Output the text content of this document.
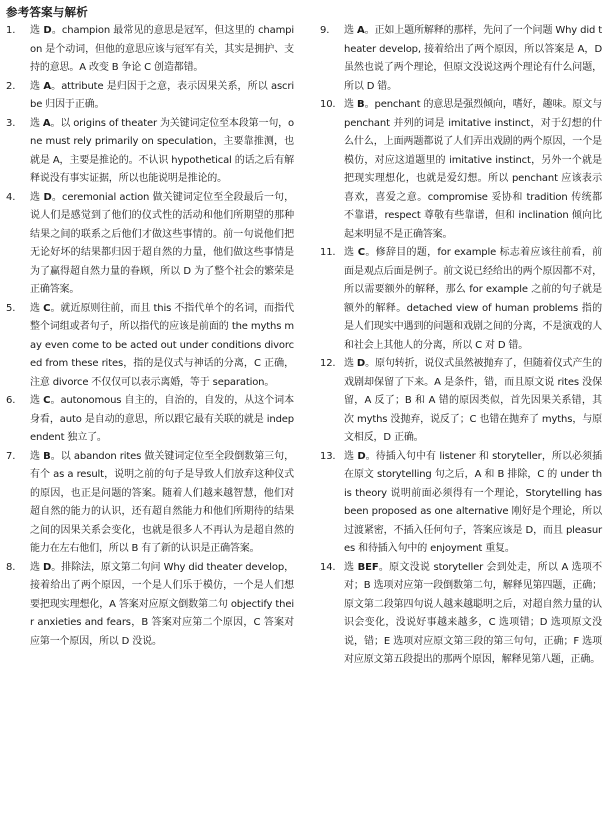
参考答案与解析
1.	选 D。champion 最常见的意思是冠军，但这里的 champion 是个动词，但他的意思应该与冠军有关，其实是拥护、支持的意思。A 改变 B 争论 C 创造都错。
2.	选 A。attribute 是归因于之意，表示因果关系，所以 ascribe 归因于正确。
3.	选 A。以 origins of theater 为关键词定位至本段第一句，one must rely primarily on speculation，主要靠推测，也就是 A，主要是推论的。不认识 hypothetical 的话之后有解释说没有事实证据，所以也能说明是推论的。
4.	选 D。ceremonial action 做关键词定位至全段最后一句，说人们是感觉到了他们的仪式性的活动和他们所期望的那种结果之间的联系之后他们才做这些事情的。前一句说他们把无论好坏的结果都归因于超自然的力量，他们做这些事情是为了赢得超自然力量的眷顾，所以 D 为了整个社会的繁荣是正确答案。
5.	选 C。就近原则往前，而且 this 不指代单个的名词，而指代整个词组或者句子，所以指代的应该是前面的 the myths may even come to be acted out under conditions divorced from these rites，指的是仪式与神话的分离，C 正确，注意 divorce 不仅仅可以表示离婚，等于 separation。
6.	选 C。autonomous 自主的，自治的，自发的，从这个词本身看，auto 是自动的意思，所以跟它最有关联的就是 independent 独立了。
7.	选 B。以 abandon rites 做关键词定位至全段倒数第三句，有个 as a result，说明之前的句子是导致人们放弃这种仪式的原因，也正是问题的答案。随着人们越来越智慧，他们对超自然的能力的认识，还有超自然能力和他们所期待的结果之间的因果关系会变化，也就是很多人不再认为是超自然的能力在左右他们，所以 B 有了新的认识是正确答案。
8.	选 D。排除法，原文第二句问 Why did theater develop，接着给出了两个原因，一个是人们乐于模仿，一个是人们想要把现实理想化，A 答案对应原文倒数第二句 objectify their anxieties and fears，B 答案对应第二个原因，C 答案对应第一个原因，所以 D 没说。
9.	选 A。正如上题所解释的那样，先问了一个问题 Why did theater develop, 接着给出了两个原因，所以答案是 A，D 虽然也说了两个理论，但原文没说这两个理论有什么问题，所以 D 错。
10. 选 B。penchant 的意思是强烈倾向，嗜好，趣味。原文与 penchant 并列的词是 imitative instinct，对于幻想的什么什么，上面两题都说了人们弄出戏剧的两个原因，一个是模仿，对应这道题里的 imitative instinct，另外一个就是把现实理想化，也就是爱幻想。所以 penchant 应该表示喜欢，喜爱之意。compromise 妥协和 tradition 传统都不靠谱，respect 尊敬有些靠谱，但和 inclination 倾向比起来明显不是正确答案。
11. 选 C。修辞目的题，for example 标志着应该往前看，前面是观点后面是例子。前文说已经给出的两个原因都不对，所以需要额外的解释，那么 for example 之前的句子就是额外的解释。detached view of human problems 指的是人们现实中遇到的问题和戏剧之间的分离，不是演戏的人和社会上其他人的分离，所以 C 对 D 错。
12. 选 D。原句转折，说仪式虽然被抛弃了，但随着仪式产生的戏剧却保留了下来。A 是条件，错，而且原文说 rites 没保留，A 反了；B 和 A 错的原因类似，首先因果关系错，其次 myths 没抛弃，说反了；C 也错在抛弃了 myths，与原文相反，D 正确。
13. 选 D。待插入句中有 listener 和 storyteller，所以必须插在原文 storytelling 句之后，A 和 B 排除，C 的 under this theory 说明前面必须得有一个理论，Storytelling has been proposed as one alternative 刚好是个理论，所以过渡紧密，不插入任何句子，答案应该是 D，而且 pleasures 和待插入句中的 enjoyment 重复。
14. 选 BEF。原文没说 storyteller 会到处走，所以 A 选项不对；B 选项对应第一段倒数第二句，解释见第四题，正确；原文第二段第四句说人越来越聪明之后，对超自然力量的认识会变化，没说好事越来越多，C 选项错；D 选项原文没说，错；E 选项对应原文第三段的第三句句，正确；F 选项对应原文第五段提出的那两个原因，解释见第八题，正确。
